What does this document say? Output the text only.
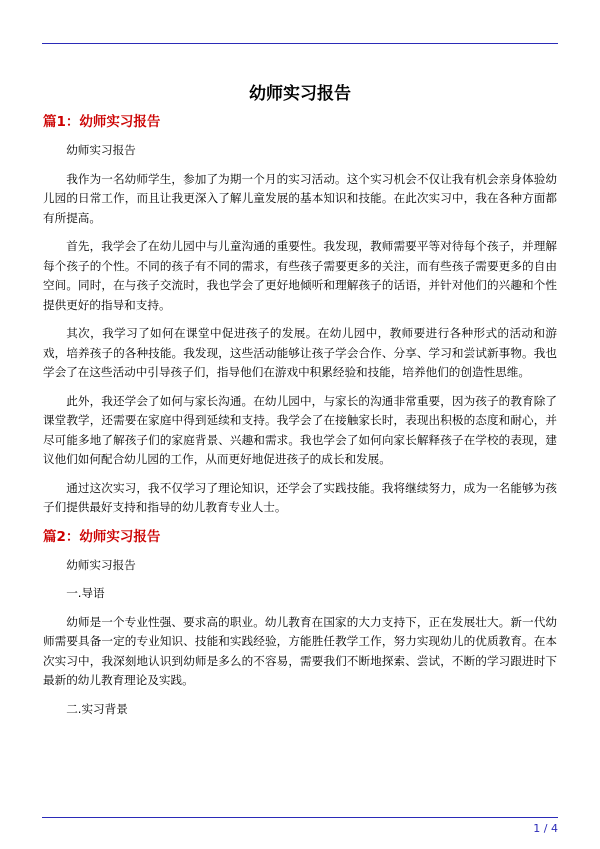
幼师实习报告
篇1：幼师实习报告

幼师实习报告

我作为一名幼师学生，参加了为期一个月的实习活动。这个实习机会不仅让我有机会亲身体验幼儿园的日常工作，而且让我更深入了解儿童发展的基本知识和技能。在此次实习中，我在各种方面都有所提高。

首先，我学会了在幼儿园中与儿童沟通的重要性。我发现，教师需要平等对待每个孩子，并理解每个孩子的个性。不同的孩子有不同的需求，有些孩子需要更多的关注，而有些孩子需要更多的自由空间。同时，在与孩子交流时，我也学会了更好地倾听和理解孩子的话语，并针对他们的兴趣和个性提供更好的指导和支持。

其次，我学习了如何在课堂中促进孩子的发展。在幼儿园中，教师要进行各种形式的活动和游戏，培养孩子的各种技能。我发现，这些活动能够让孩子学会合作、分享、学习和尝试新事物。我也学会了在这些活动中引导孩子们，指导他们在游戏中积累经验和技能，培养他们的创造性思维。

此外，我还学会了如何与家长沟通。在幼儿园中，与家长的沟通非常重要，因为孩子的教育除了课堂教学，还需要在家庭中得到延续和支持。我学会了在接触家长时，表现出积极的态度和耐心，并尽可能多地了解孩子们的家庭背景、兴趣和需求。我也学会了如何向家长解释孩子在学校的表现，建议他们如何配合幼儿园的工作，从而更好地促进孩子的成长和发展。

通过这次实习，我不仅学习了理论知识，还学会了实践技能。我将继续努力，成为一名能够为孩子们提供最好支持和指导的幼儿教育专业人士。

篇2：幼师实习报告

幼师实习报告

一.导语

幼师是一个专业性强、要求高的职业。幼儿教育在国家的大力支持下，正在发展壮大。新一代幼师需要具备一定的专业知识、技能和实践经验，方能胜任教学工作，努力实现幼儿的优质教育。在本次实习中，我深刻地认识到幼师是多么的不容易，需要我们不断地探索、尝试，不断的学习跟进时下最新的幼儿教育理论及实践。

二.实习背景

1 / 4
